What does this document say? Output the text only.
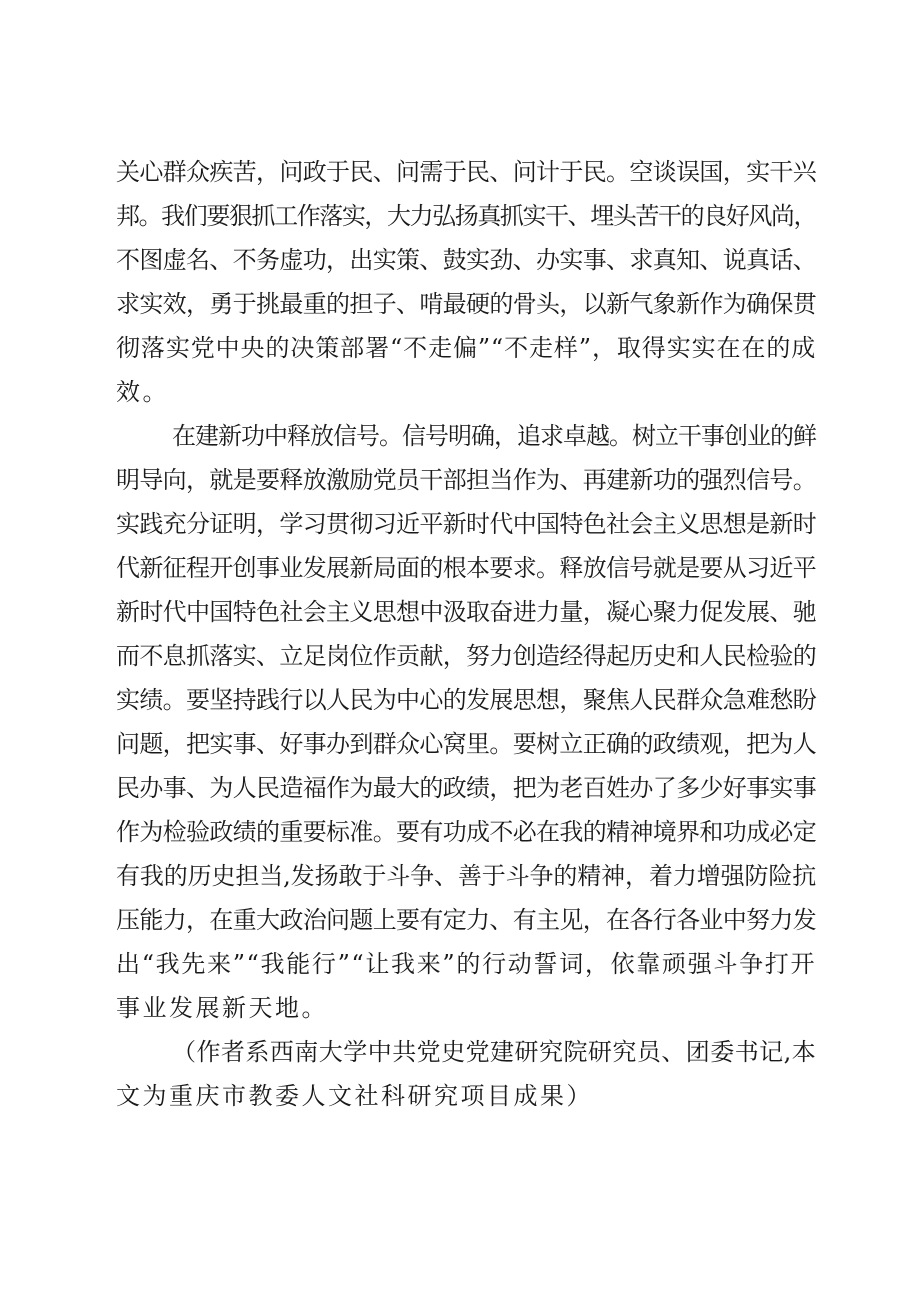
关心群众疾苦，问政于民、问需于民、问计于民。空谈误国，实干兴
邦。我们要狠抓工作落实，大力弘扬真抓实干、埋头苦干的良好风尚，
不图虚名、不务虚功，出实策、鼓实劲、办实事、求真知、说真话、
求实效，勇于挑最重的担子、啃最硬的骨头，以新气象新作为确保贯
彻落实党中央的决策部署“不走偏”“不走样”，取得实实在在的成
效。
在建新功中释放信号。信号明确，追求卓越。树立干事创业的鲜
明导向，就是要释放激励党员干部担当作为、再建新功的强烈信号。
实践充分证明，学习贯彻习近平新时代中国特色社会主义思想是新时
代新征程开创事业发展新局面的根本要求。释放信号就是要从习近平
新时代中国特色社会主义思想中汲取奋进力量，凝心聚力促发展、驰
而不息抓落实、立足岗位作贡献，努力创造经得起历史和人民检验的
实绩。要坚持践行以人民为中心的发展思想，聚焦人民群众急难愁盼
问题，把实事、好事办到群众心窝里。要树立正确的政绩观，把为人
民办事、为人民造福作为最大的政绩，把为老百姓办了多少好事实事
作为检验政绩的重要标准。要有功成不必在我的精神境界和功成必定
有我的历史担当,发扬敢于斗争、善于斗争的精神，着力增强防险抗
压能力，在重大政治问题上要有定力、有主见，在各行各业中努力发
出“我先来”“我能行”“让我来”的行动誓词，依靠顽强斗争打开
事业发展新天地。
（作者系西南大学中共党史党建研究院研究员、团委书记,本
文为重庆市教委人文社科研究项目成果）
